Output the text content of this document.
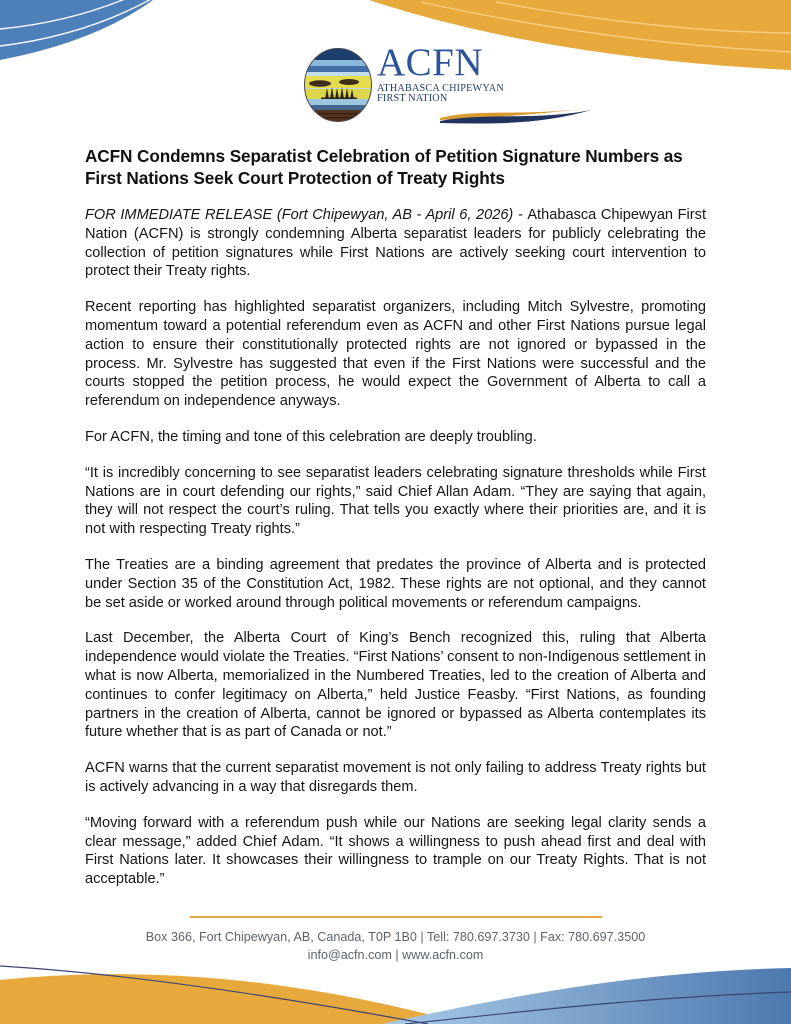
ACFN
ATHABASCA CHIPEWYAN
FIRST NATION
ACFN Condemns Separatist Celebration of Petition Signature Numbers as First Nations Seek Court Protection of Treaty Rights

FOR IMMEDIATE RELEASE (Fort Chipewyan, AB - April 6, 2026) - Athabasca Chipewyan First Nation (ACFN) is strongly condemning Alberta separatist leaders for publicly celebrating the collection of petition signatures while First Nations are actively seeking court intervention to protect their Treaty rights.

Recent reporting has highlighted separatist organizers, including Mitch Sylvestre, promoting momentum toward a potential referendum even as ACFN and other First Nations pursue legal action to ensure their constitutionally protected rights are not ignored or bypassed in the process. Mr. Sylvestre has suggested that even if the First Nations were successful and the courts stopped the petition process, he would expect the Government of Alberta to call a referendum on independence anyways.

For ACFN, the timing and tone of this celebration are deeply troubling.

“It is incredibly concerning to see separatist leaders celebrating signature thresholds while First Nations are in court defending our rights,” said Chief Allan Adam. “They are saying that again, they will not respect the court’s ruling. That tells you exactly where their priorities are, and it is not with respecting Treaty rights.”

The Treaties are a binding agreement that predates the province of Alberta and is protected under Section 35 of the Constitution Act, 1982. These rights are not optional, and they cannot be set aside or worked around through political movements or referendum campaigns.

Last December, the Alberta Court of King’s Bench recognized this, ruling that Alberta independence would violate the Treaties. “First Nations’ consent to non-Indigenous settlement in what is now Alberta, memorialized in the Numbered Treaties, led to the creation of Alberta and continues to confer legitimacy on Alberta,” held Justice Feasby. “First Nations, as founding partners in the creation of Alberta, cannot be ignored or bypassed as Alberta contemplates its future whether that is as part of Canada or not.”

ACFN warns that the current separatist movement is not only failing to address Treaty rights but is actively advancing in a way that disregards them.

“Moving forward with a referendum push while our Nations are seeking legal clarity sends a clear message,” added Chief Adam. “It shows a willingness to push ahead first and deal with First Nations later. It showcases their willingness to trample on our Treaty Rights. That is not acceptable.”

Box 366, Fort Chipewyan, AB, Canada, T0P 1B0 | Tell: 780.697.3730 | Fax: 780.697.3500
info@acfn.com | www.acfn.com
